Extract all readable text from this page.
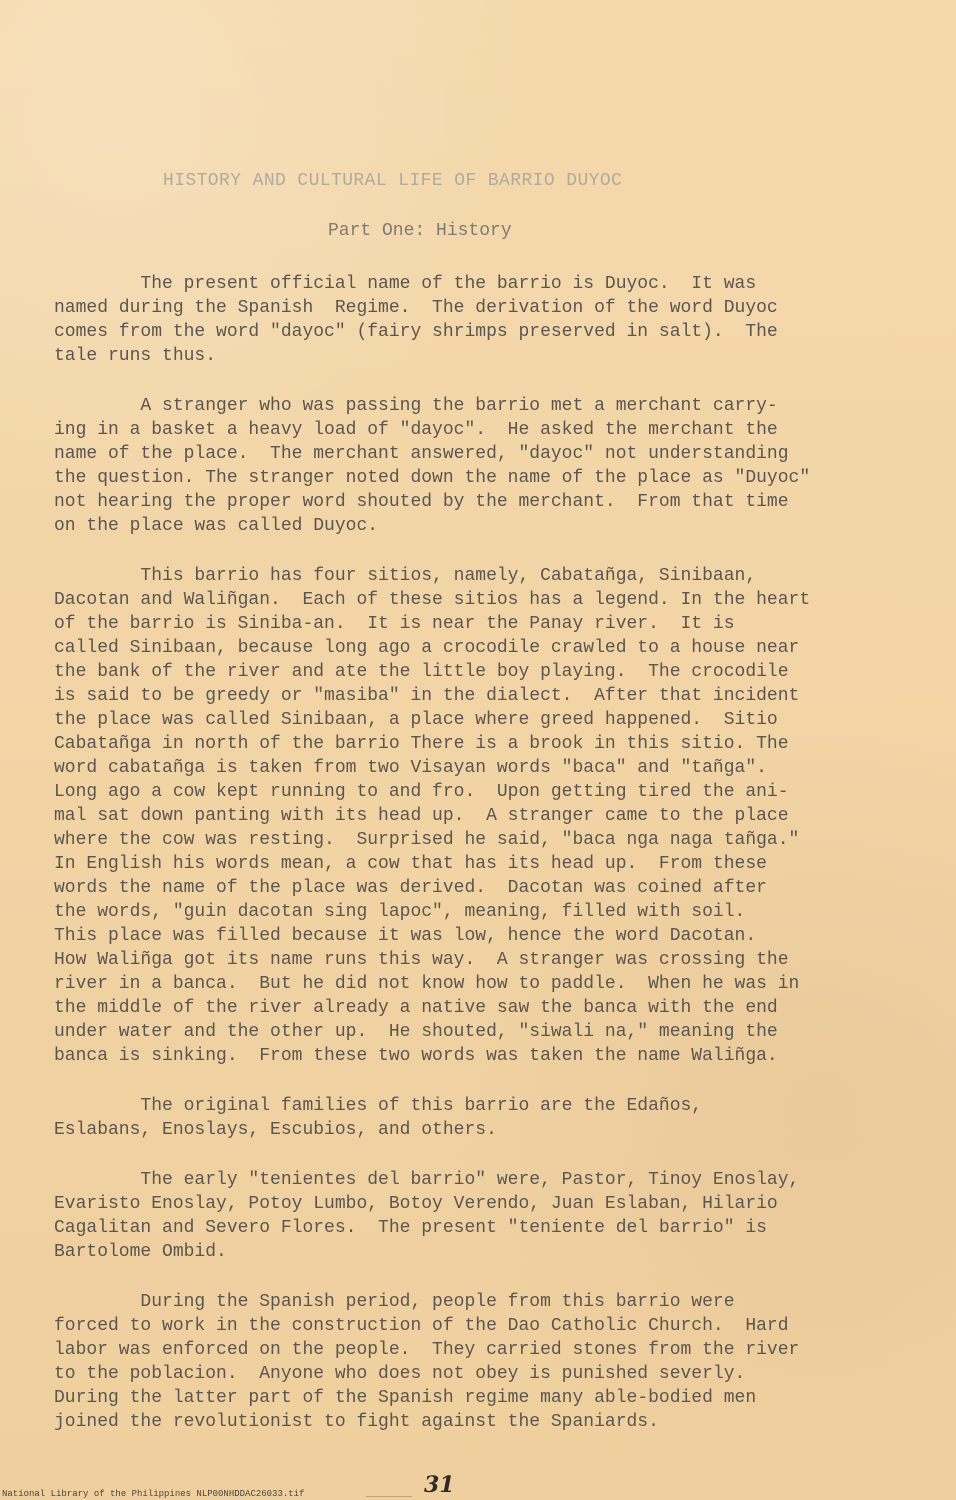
HISTORY AND CULTURAL LIFE OF BARRIO DUYOC
Part One: History
The present official name of the barrio is Duyoc.  It was
named during the Spanish  Regime.  The derivation of the word Duyoc
comes from the word "dayoc" (fairy shrimps preserved in salt).  The
tale runs thus.
A stranger who was passing the barrio met a merchant carry-
ing in a basket a heavy load of "dayoc".  He asked the merchant the
name of the place.  The merchant answered, "dayoc" not understanding
the question. The stranger noted down the name of the place as "Duyoc"
not hearing the proper word shouted by the merchant.  From that time
on the place was called Duyoc.
This barrio has four sitios, namely, Cabatañga, Sinibaan,
Dacotan and Waliñgan.  Each of these sitios has a legend. In the heart
of the barrio is Siniba-an.  It is near the Panay river.  It is
called Sinibaan, because long ago a crocodile crawled to a house near
the bank of the river and ate the little boy playing.  The crocodile
is said to be greedy or "masiba" in the dialect.  After that incident
the place was called Sinibaan, a place where greed happened.  Sitio
Cabatañga in north of the barrio There is a brook in this sitio. The
word cabatañga is taken from two Visayan words "baca" and "tañga".
Long ago a cow kept running to and fro.  Upon getting tired the ani-
mal sat down panting with its head up.  A stranger came to the place
where the cow was resting.  Surprised he said, "baca nga naga tañga."
In English his words mean, a cow that has its head up.  From these
words the name of the place was derived.  Dacotan was coined after
the words, "guin dacotan sing lapoc", meaning, filled with soil.
This place was filled because it was low, hence the word Dacotan.
How Waliñga got its name runs this way.  A stranger was crossing the
river in a banca.  But he did not know how to paddle.  When he was in
the middle of the river already a native saw the banca with the end
under water and the other up.  He shouted, "siwali na," meaning the
banca is sinking.  From these two words was taken the name Waliñga.
The original families of this barrio are the Edaños,
Eslabans, Enoslays, Escubios, and others.
The early "tenientes del barrio" were, Pastor, Tinoy Enoslay,
Evaristo Enoslay, Potoy Lumbo, Botoy Verendo, Juan Eslaban, Hilario
Cagalitan and Severo Flores.  The present "teniente del barrio" is
Bartolome Ombid.
During the Spanish period, people from this barrio were
forced to work in the construction of the Dao Catholic Church.  Hard
labor was enforced on the people.  They carried stones from the river
to the poblacion.  Anyone who does not obey is punished severly.
During the latter part of the Spanish regime many able-bodied men
joined the revolutionist to fight against the Spaniards.
National Library of the Philippines NLP00NHDDAC26033.tif	31
